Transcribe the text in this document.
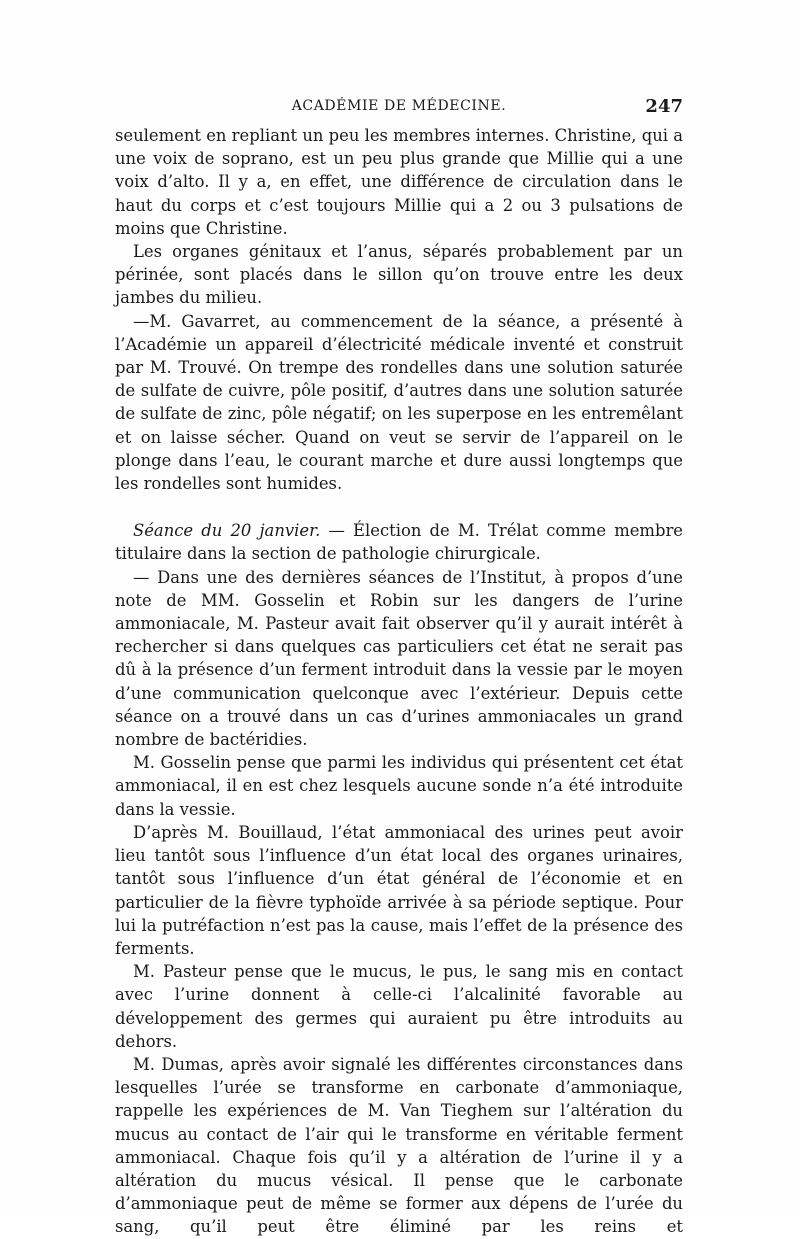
ACADÉMIE DE MÉDECINE.	247

seulement en repliant un peu les membres internes. Christine, qui a une voix de soprano, est un peu plus grande que Millie qui a une voix d’alto. Il y a, en effet, une différence de circulation dans le haut du corps et c’est toujours Millie qui a 2 ou 3 pulsations de moins que Christine.

Les organes génitaux et l’anus, séparés probablement par un périnée, sont placés dans le sillon qu’on trouve entre les deux jambes du milieu.

—M. Gavarret, au commencement de la séance, a présenté à l’Académie un appareil d’électricité médicale inventé et construit par M. Trouvé. On trempe des rondelles dans une solution saturée de sulfate de cuivre, pôle positif, d’autres dans une solution saturée de sulfate de zinc, pôle négatif; on les superpose en les entremêlant et on laisse sécher. Quand on veut se servir de l’appareil on le plonge dans l’eau, le courant marche et dure aussi longtemps que les rondelles sont humides.

Séance du 20 janvier. — Élection de M. Trélat comme membre titulaire dans la section de pathologie chirurgicale.

— Dans une des dernières séances de l’Institut, à propos d’une note de MM. Gosselin et Robin sur les dangers de l’urine ammoniacale, M. Pasteur avait fait observer qu’il y aurait intérêt à rechercher si dans quelques cas particuliers cet état ne serait pas dû à la présence d’un ferment introduit dans la vessie par le moyen d’une communication quelconque avec l’extérieur. Depuis cette séance on a trouvé dans un cas d’urines ammoniacales un grand nombre de bactéridies.

M. Gosselin pense que parmi les individus qui présentent cet état ammoniacal, il en est chez lesquels aucune sonde n’a été introduite dans la vessie.

D’après M. Bouillaud, l’état ammoniacal des urines peut avoir lieu tantôt sous l’influence d’un état local des organes urinaires, tantôt sous l’influence d’un état général de l’économie et en particulier de la fièvre typhoïde arrivée à sa période septique. Pour lui la putréfaction n’est pas la cause, mais l’effet de la présence des ferments.

M. Pasteur pense que le mucus, le pus, le sang mis en contact avec l’urine donnent à celle-ci l’alcalinité favorable au développement des germes qui auraient pu être introduits au dehors.

M. Dumas, après avoir signalé les différentes circonstances dans lesquelles l’urée se transforme en carbonate d’ammoniaque, rappelle les expériences de M. Van Tieghem sur l’altération du mucus au contact de l’air qui le transforme en véritable ferment ammoniacal. Chaque fois qu’il y a altération de l’urine il y a altération du mucus vésical. Il pense que le carbonate d’ammoniaque peut de même se former aux dépens de l’urée du sang, qu’il peut être éliminé par les reins et
